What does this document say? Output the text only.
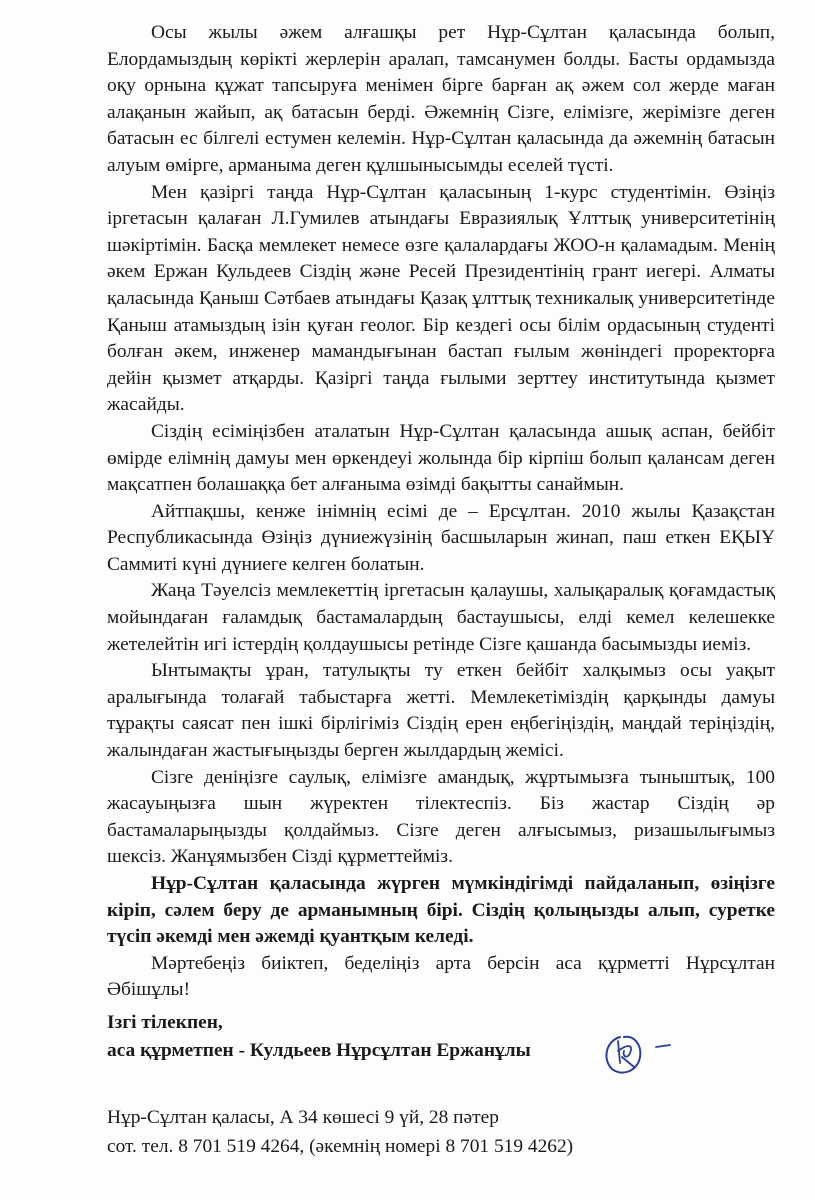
Осы жылы әжем алғашқы рет Нұр-Сұлтан қаласында болып, Елордамыздың көрікті жерлерін аралап, тамсанумен болды. Басты ордамызда оқу орнына құжат тапсыруға менімен бірге барған ақ әжем сол жерде маған алақанын жайып, ақ батасын берді. Әжемнің Сізге, елімізге, жерімізге деген батасын ес білгелі естумен келемін. Нұр-Сұлтан қаласында да әжемнің батасын алуым өмірге, арманыма деген құлшынысымды еселей түсті.

Мен қазіргі таңда Нұр-Сұлтан қаласының 1-курс студентімін. Өзіңіз іргетасын қалаған Л.Гумилев атындағы Евразиялық Ұлттық университетінің шәкіртімін. Басқа мемлекет немесе өзге қалалардағы ЖОО-н қаламадым. Менің әкем Ержан Кульдеев Сіздің және Ресей Президентінің грант иегері. Алматы қаласында Қаныш Сәтбаев атындағы Қазақ ұлттық техникалық университетінде Қаныш атамыздың ізін қуған геолог. Бір кездегі осы білім ордасының студенті болған әкем, инженер мамандығынан бастап ғылым жөніндегі проректорға дейін қызмет атқарды. Қазіргі таңда ғылыми зерттеу институтында қызмет жасайды.

Сіздің есіміңізбен аталатын Нұр-Сұлтан қаласында ашық аспан, бейбіт өмірде елімнің дамуы мен өркендеуі жолында бір кірпіш болып қалансам деген мақсатпен болашаққа бет алғаныма өзімді бақытты санаймын.

Айтпақшы, кенже інімнің есімі де – Ерсұлтан. 2010 жылы Қазақстан Республикасында Өзіңіз дүниежүзінің басшыларын жинап, паш еткен ЕҚЫҰ Саммиті күні дүниеге келген болатын.

Жаңа Тәуелсіз мемлекеттің іргетасын қалаушы, халықаралық қоғамдастық мойындаған ғаламдық бастамалардың бастаушысы, елді кемел келешекке жетелейтін игі істердің қолдаушысы ретінде Сізге қашанда басымызды иеміз.

Ынтымақты ұран, татулықты ту еткен бейбіт халқымыз осы уақыт аралығында толағай табыстарға жетті. Мемлекетіміздің қарқынды дамуы тұрақты саясат пен ішкі бірлігіміз Сіздің ерен еңбегіңіздің, маңдай теріңіздің, жалындаған жастығыңызды берген жылдардың жемісі.

Сізге деніңізге саулық, елімізге амандық, жұртымызға тыныштық, 100 жасауыңызға шын жүректен тілектеспіз. Біз жастар Сіздің әр бастамаларыңызды қолдаймыз. Сізге деген алғысымыз, ризашылығымыз шексіз. Жанұямызбен Сізді құрметтейміз.

Нұр-Сұлтан қаласында жүрген мүмкіндігімді пайдаланып, өзіңізге кіріп, сәлем беру де арманымның бірі. Сіздің қолыңызды алып, суретке түсіп әкемді мен әжемді қуантқым келеді.

Мәртебеңіз биіктеп, беделіңіз арта берсін аса құрметті Нұрсұлтан Әбішұлы!

Ізгі тілекпен,
аса құрметпен - Кулдьеев Нұрсұлтан Ержанұлы
Нұр-Сұлтан қаласы, А 34 көшесі 9 үй, 28 пәтер
сот. тел. 8 701 519 4264, (әкемнің номері 8 701 519 4262)
